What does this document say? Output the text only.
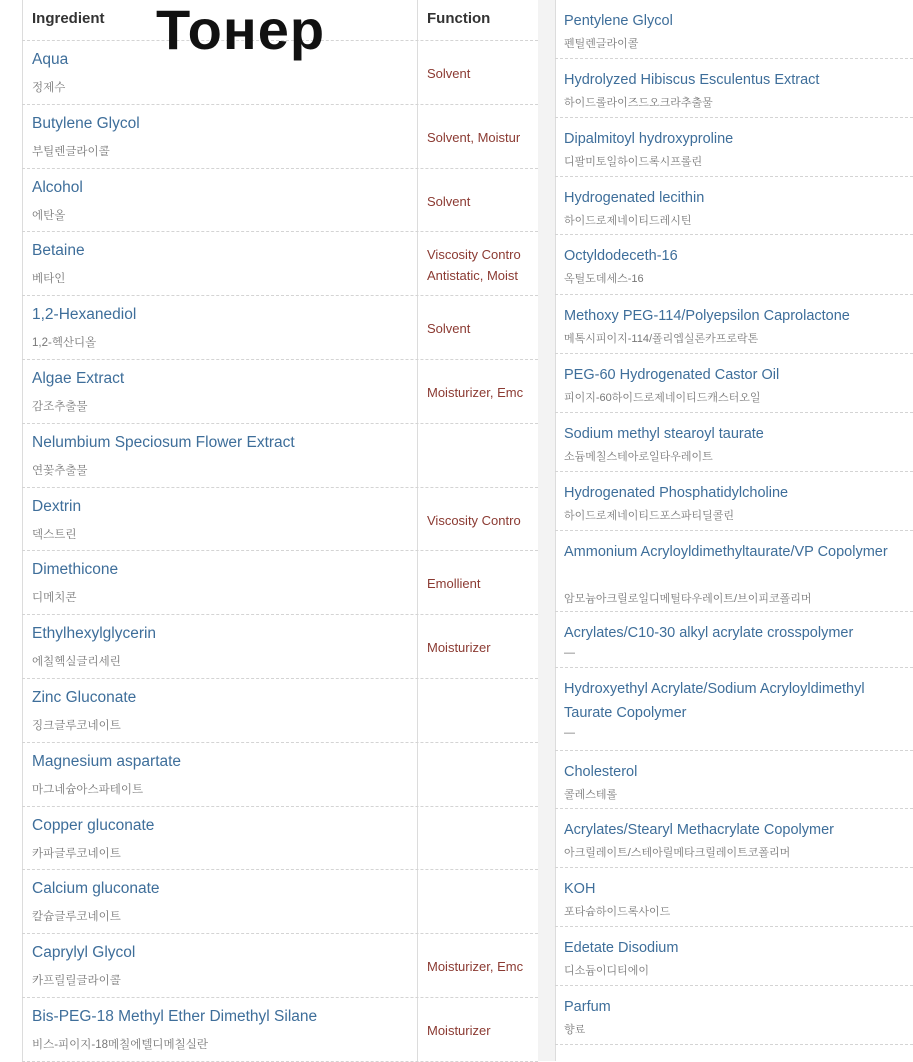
Ingredient	Function
Тонер
Aqua
정제수
Solvent
Butylene Glycol
부틸렌글라이콜
Solvent, Moistur
Alcohol
에탄올
Solvent
Betaine
베타인
Viscosity Contro
Antistatic, Moist
1,2-Hexanediol
1,2-헥산디올
Solvent
Algae Extract
감조추출물
Moisturizer, Emc
Nelumbium Speciosum Flower Extract
연꽃추출물
Dextrin
덱스트린
Viscosity Contro
Dimethicone
디메치콘
Emollient
Ethylhexylglycerin
에칠헥실글리세린
Moisturizer
Zinc Gluconate
징크글루코네이트
Magnesium aspartate
마그네슘아스파테이트
Copper gluconate
카파글루코네이트
Calcium gluconate
칼슘글루코네이트
Caprylyl Glycol
카프릴릴글라이콜
Moisturizer, Emc
Bis-PEG-18 Methyl Ether Dimethyl Silane
비스-피이지-18메칠에텔디메칠실란
Moisturizer
Pentylene Glycol
펜틸렌글라이콜
Hydrolyzed Hibiscus Esculentus Extract
하이드롤라이즈드오크라추출물
Dipalmitoyl hydroxyproline
디팔미토일하이드록시프롤린
Hydrogenated lecithin
하이드로제네이티드레시틴
Octyldodeceth-16
옥틸도데세스-16
Methoxy PEG-114/Polyepsilon Caprolactone
메톡시피이지-114/폴리엡실론카프로락톤
PEG-60 Hydrogenated Castor Oil
피이지-60하이드로제네이티드캐스터오일
Sodium methyl stearoyl taurate
소듐메칠스테아로일타우레이트
Hydrogenated Phosphatidylcholine
하이드로제네이티드포스파티딜콜린
Ammonium Acryloyldimethyltaurate/VP Copolymer
암모늄아크릴로일디메틸타우레이트/브이피코폴리머
Acrylates/C10-30 alkyl acrylate crosspolymer
—
Hydroxyethyl Acrylate/Sodium Acryloyldimethyl Taurate Copolymer
—
Cholesterol
콜레스테롤
Acrylates/Stearyl Methacrylate Copolymer
아크릴레이트/스테아릴메타크릴레이트코폴리머
KOH
포타슘하이드록사이드
Edetate Disodium
디소듐이디티에이
Parfum
향료
